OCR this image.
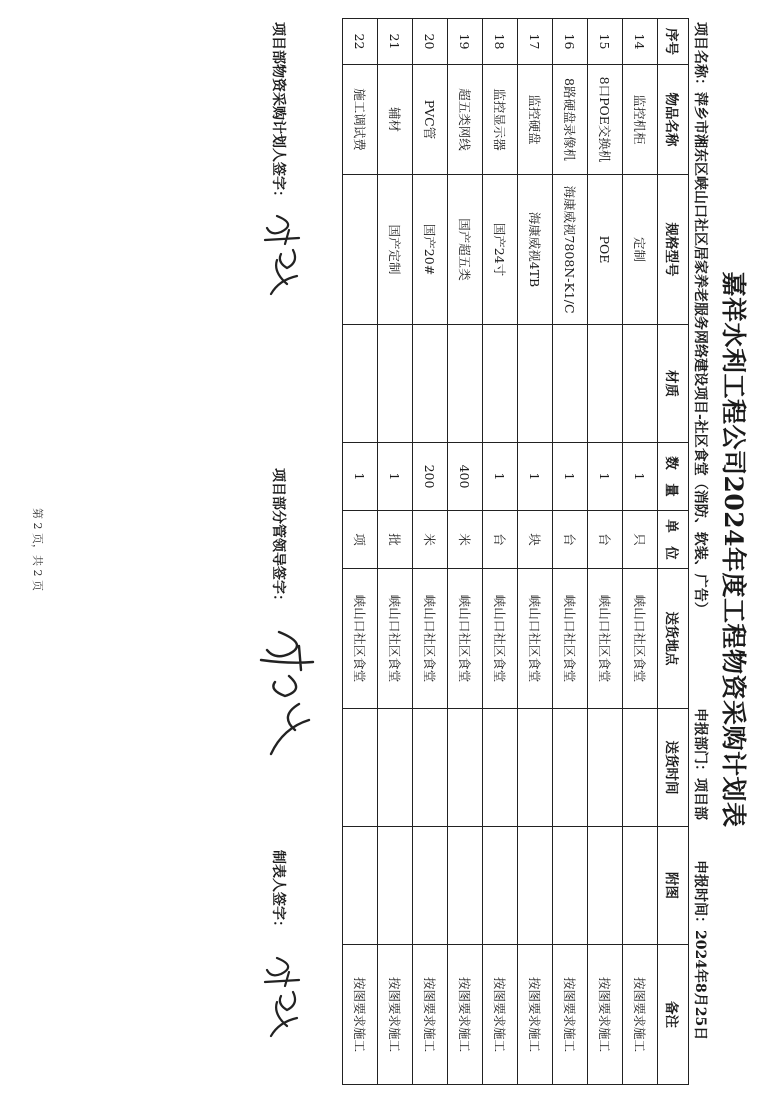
嘉祥水利工程公司2024年度工程物资采购计划表
项目名称：萍乡市湘东区峡山口社区居家养老服务网络建设项目-社区食堂（消防、软装、广告）
申报部门：项目部
申报时间：2024年8月25日
序号	物品名称	规格型号	材质	数　量	单　位	送货地点	送货时间	附图	备注
14	监控机柜	定制		1	只	峡山口社区食堂			按图要求施工
15	8口POE交换机	POE		1	台	峡山口社区食堂			按图要求施工
16	8路硬盘录像机	海康威视7808N-K1/C		1	台	峡山口社区食堂			按图要求施工
17	监控硬盘	海康威视4TB		1	块	峡山口社区食堂			按图要求施工
18	监控显示器	国产24寸		1	台	峡山口社区食堂			按图要求施工
19	超五类网线	国产超五类		400	米	峡山口社区食堂			按图要求施工
20	PVC管	国产20#		200	米	峡山口社区食堂			按图要求施工
21	辅材	国产定制		1	批	峡山口社区食堂			按图要求施工
22	施工调试费			1	项	峡山口社区食堂			按图要求施工
项目部物资采购计划人签字：
项目部分管领导签字：
制表人签字：
第 2 页，共 2 页
